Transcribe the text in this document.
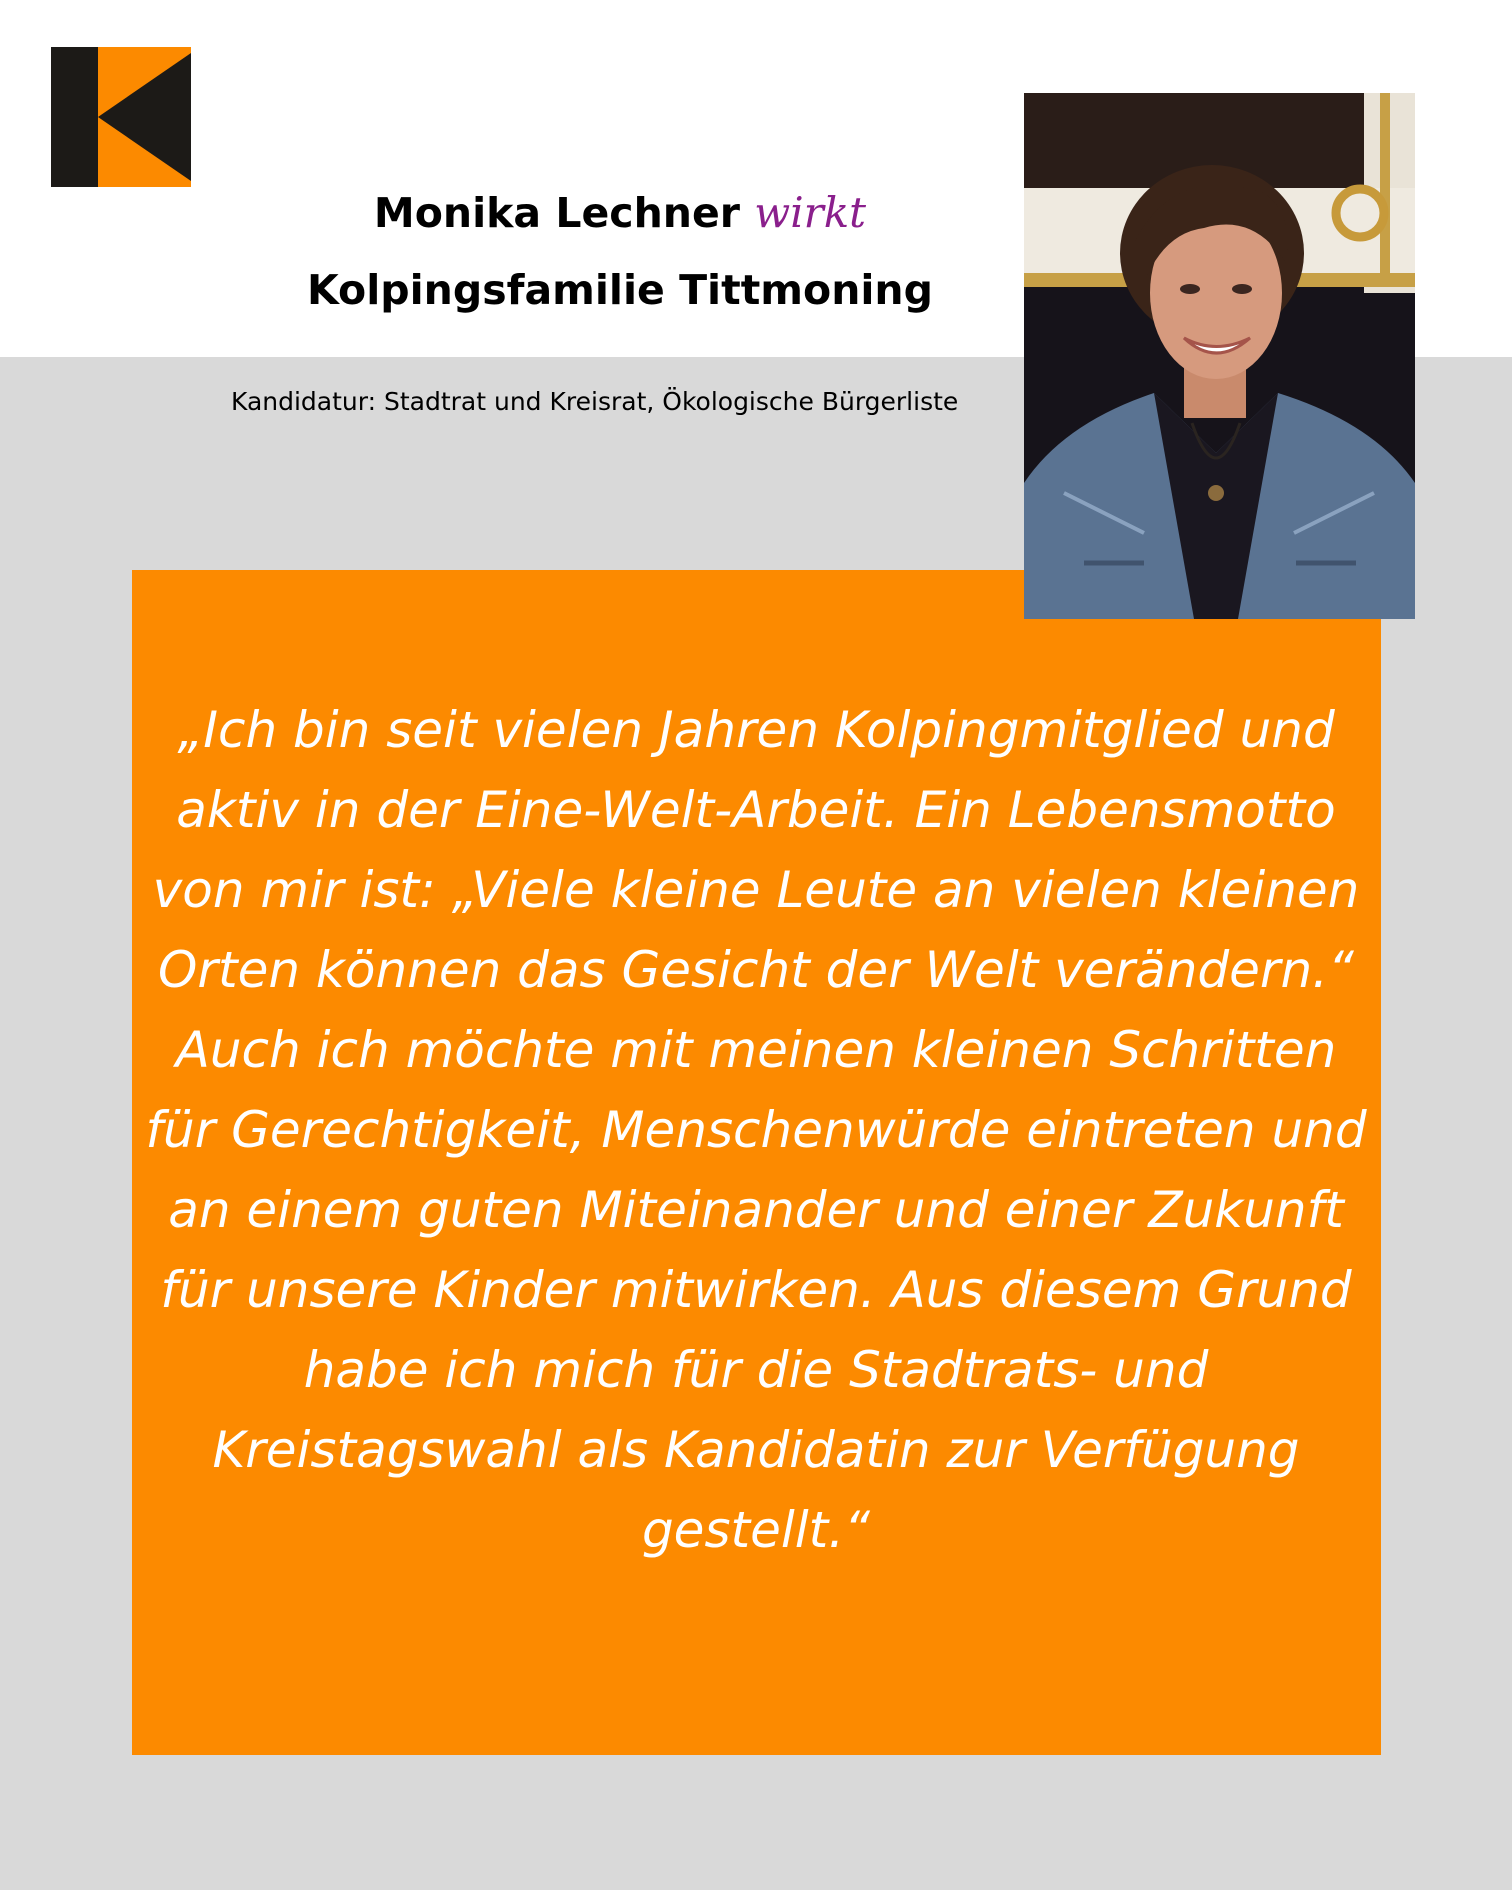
Monika Lechner wirkt
Kolpingsfamilie Tittmoning
Kandidatur: Stadtrat und Kreisrat, Ökologische Bürgerliste
„Ich bin seit vielen Jahren Kolpingmitglied und aktiv in der Eine-Welt-Arbeit. Ein Lebensmotto von mir ist: „Viele kleine Leute an vielen kleinen Orten können das Gesicht der Welt verändern.“ Auch ich möchte mit meinen kleinen Schritten für Gerechtigkeit, Menschenwürde eintreten und an einem guten Miteinander und einer Zukunft für unsere Kinder mitwirken. Aus diesem Grund habe ich mich für die Stadtrats- und Kreistagswahl als Kandidatin zur Verfügung gestellt.“
